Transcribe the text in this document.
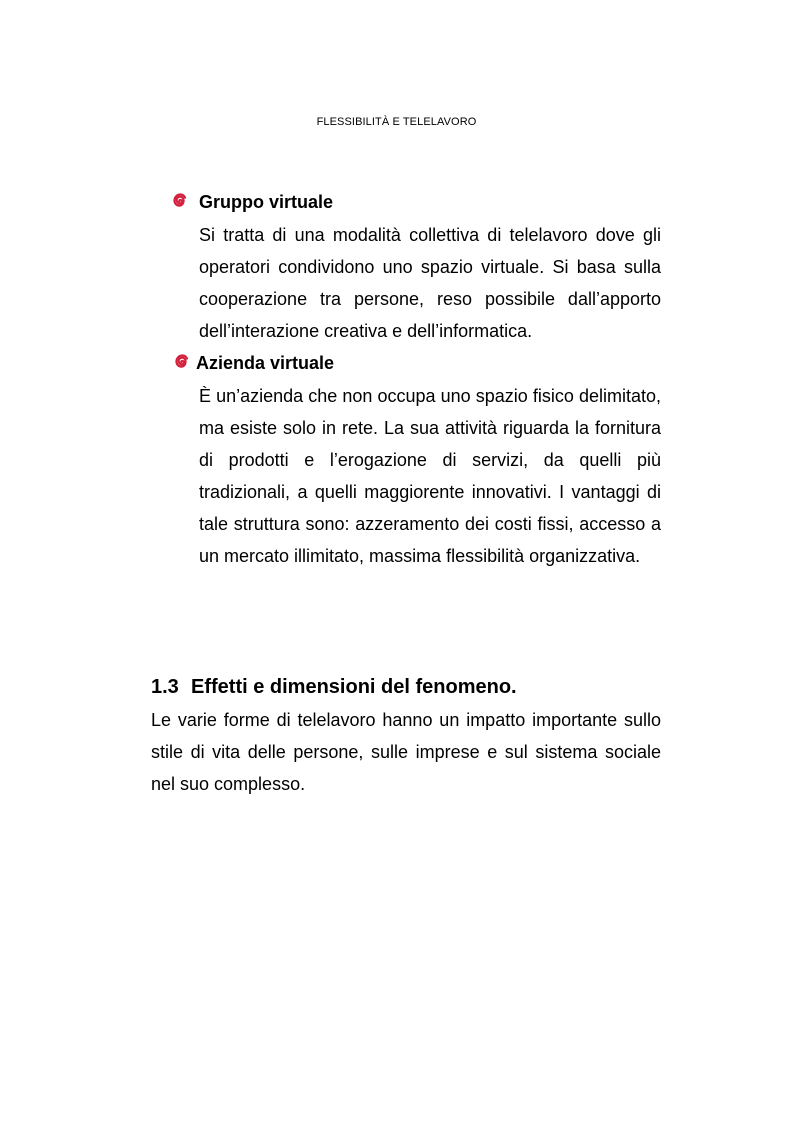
FLESSIBILITÀ E TELELAVORO
Gruppo virtuale
Si tratta di una modalità collettiva di telelavoro dove gli operatori condividono uno spazio virtuale. Si basa sulla cooperazione tra persone, reso possibile dall’apporto dell’interazione creativa e dell’informatica.
Azienda virtuale
È un’azienda che non occupa uno spazio fisico delimitato, ma esiste solo in rete. La sua attività riguarda la fornitura di prodotti e l’erogazione di servizi, da quelli più tradizionali, a quelli maggiorente innovativi. I vantaggi di tale struttura sono: azzeramento dei costi fissi, accesso a un mercato illimitato, massima flessibilità organizzativa.
1.3 Effetti e dimensioni del fenomeno.
Le varie forme di telelavoro hanno un impatto importante sullo stile di vita delle persone, sulle imprese e sul sistema sociale nel suo complesso.
